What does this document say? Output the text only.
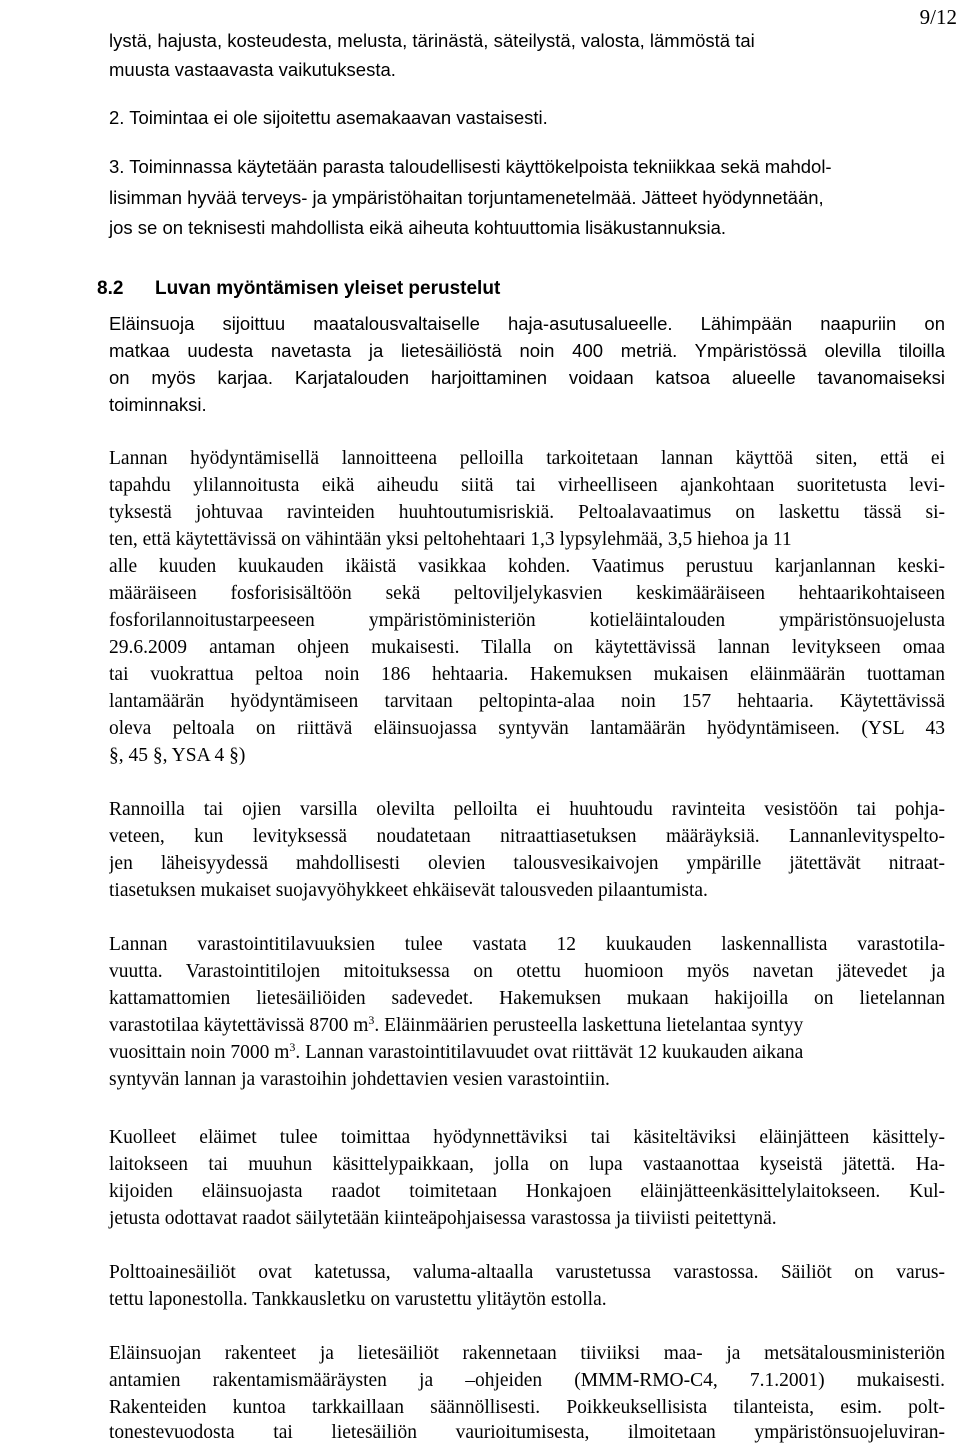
9/12
lystä, hajusta, kosteudesta, melusta, tärinästä, säteilystä, valosta, lämmöstä tai
muusta vastaavasta vaikutuksesta.
2. Toimintaa ei ole sijoitettu asemakaavan vastaisesti.
3. Toiminnassa käytetään parasta taloudellisesti käyttökelpoista tekniikkaa sekä mahdol-
lisimman hyvää terveys- ja ympäristöhaitan torjuntamenetelmää. Jätteet hyödynnetään,
jos se on teknisesti mahdollista eikä aiheuta kohtuuttomia lisäkustannuksia.
8.2 Luvan myöntämisen yleiset perustelut
Eläinsuoja sijoittuu maatalousvaltaiselle haja-asutusalueelle. Lähimpään naapuriin on
matkaa uudesta navetasta ja lietesäiliöstä noin 400 metriä. Ympäristössä olevilla tiloilla
on myös karjaa. Karjatalouden harjoittaminen voidaan katsoa alueelle tavanomaiseksi
toiminnaksi.
Lannan hyödyntämisellä lannoitteena pelloilla tarkoitetaan lannan käyttöä siten, että ei
tapahdu ylilannoitusta eikä aiheudu siitä tai virheelliseen ajankohtaan suoritetusta levi-
tyksestä johtuvaa ravinteiden huuhtoutumisriskiä. Peltoalavaatimus on laskettu tässä si-
ten, että käytettävissä on vähintään yksi peltohehtaari 1,3 lypsylehmää, 3,5 hiehoa ja 11
alle kuuden kuukauden ikäistä vasikkaa kohden. Vaatimus perustuu karjanlannan keski-
määräiseen fosforisisältöön sekä peltoviljelykasvien keskimääräiseen hehtaarikohtaiseen
fosforilannoitustarpeeseen ympäristöministeriön kotieläintalouden ympäristönsuojelusta
29.6.2009 antaman ohjeen mukaisesti. Tilalla on käytettävissä lannan levitykseen omaa
tai vuokrattua peltoa noin 186 hehtaaria. Hakemuksen mukaisen eläinmäärän tuottaman
lantamäärän hyödyntämiseen tarvitaan peltopinta-alaa noin 157 hehtaaria. Käytettävissä
oleva peltoala on riittävä eläinsuojassa syntyvän lantamäärän hyödyntämiseen. (YSL 43
§, 45 §, YSA 4 §)
Rannoilla tai ojien varsilla olevilta pelloilta ei huuhtoudu ravinteita vesistöön tai pohja-
veteen, kun levityksessä noudatetaan nitraattiasetuksen määräyksiä. Lannanlevityspelto-
jen läheisyydessä mahdollisesti olevien talousvesikaivojen ympärille jätettävät nitraat-
tiasetuksen mukaiset suojavyöhykkeet ehkäisevät talousveden pilaantumista.
Lannan varastointitilavuuksien tulee vastata 12 kuukauden laskennallista varastotila-
vuutta. Varastointitilojen mitoituksessa on otettu huomioon myös navetan jätevedet ja
kattamattomien lietesäiliöiden sadevedet. Hakemuksen mukaan hakijoilla on lietelannan
varastotilaa käytettävissä 8700 $m^3$. Eläinmäärien perusteella laskettuna lietelantaa syntyy
vuosittain noin 7000 $m^3$. Lannan varastointitilavuudet ovat riittävät 12 kuukauden aikana
syntyvän lannan ja varastoihin johdettavien vesien varastointiin.
Kuolleet eläimet tulee toimittaa hyödynnettäviksi tai käsiteltäviksi eläinjätteen käsittely-
laitokseen tai muuhun käsittelypaikkaan, jolla on lupa vastaanottaa kyseistä jätettä. Ha-
kijoiden eläinsuojasta raadot toimitetaan Honkajoen eläinjätteenkäsittelylaitokseen. Kul-
jetusta odottavat raadot säilytetään kiinteäpohjaisessa varastossa ja tiiviisti peitettynä.
Polttoainesäiliöt ovat katetussa, valuma-altaalla varustetussa varastossa. Säiliöt on varus-
tettu laponestolla. Tankkausletku on varustettu ylitäytön estolla.
Eläinsuojan rakenteet ja lietesäiliöt rakennetaan tiiviiksi maa- ja metsätalousministeriön
antamien rakentamismääräysten ja –ohjeiden (MMM-RMO-C4, 7.1.2001) mukaisesti.
Rakenteiden kuntoa tarkkaillaan säännöllisesti. Poikkeuksellisista tilanteista, esim. polt-
tonestevuodosta tai lietesäiliön vaurioitumisesta, ilmoitetaan ympäristönsuojeluviran-
